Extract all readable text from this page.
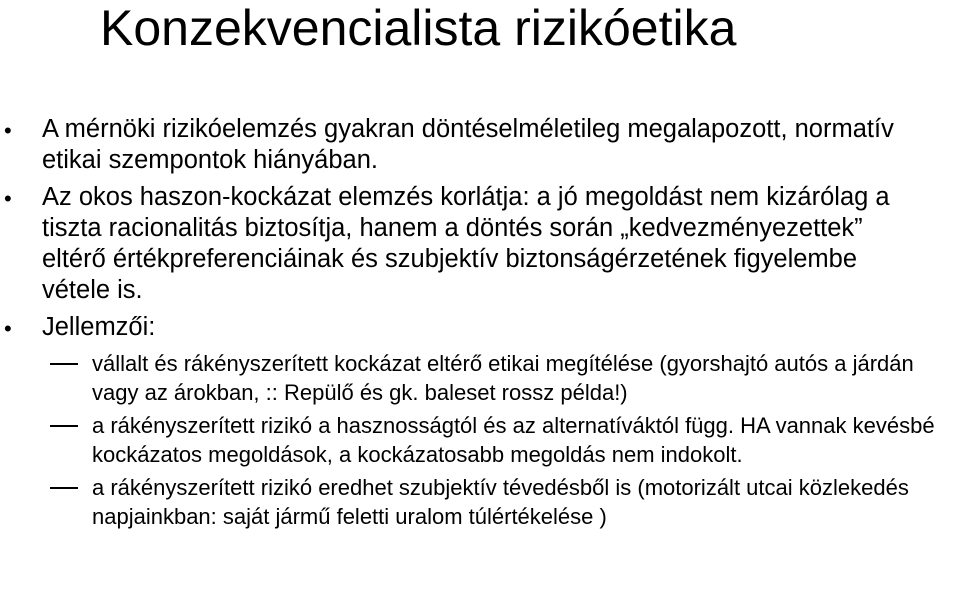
Konzekvencialista rizikóetika
• A mérnöki rizikóelemzés gyakran döntéselméletileg megalapozott, normatív etikai szempontok hiányában.
• Az okos haszon-kockázat elemzés korlátja: a jó megoldást nem kizárólag a tiszta racionalitás biztosítja, hanem a döntés során „kedvezményezettek” eltérő értékpreferenciáinak és szubjektív biztonságérzetének figyelembe vétele is.
• Jellemzői:
vállalt és rákényszerített kockázat eltérő etikai megítélése (gyorshajtó autós a járdán vagy az árokban, :: Repülő és gk. baleset rossz példa!)
a rákényszerített rizikó a hasznosságtól és az alternatíváktól függ. HA vannak kevésbé kockázatos megoldások, a kockázatosabb megoldás nem indokolt.
a rákényszerített rizikó eredhet szubjektív tévedésből is (motorizált utcai közlekedés napjainkban: saját jármű feletti uralom túlértékelése )
